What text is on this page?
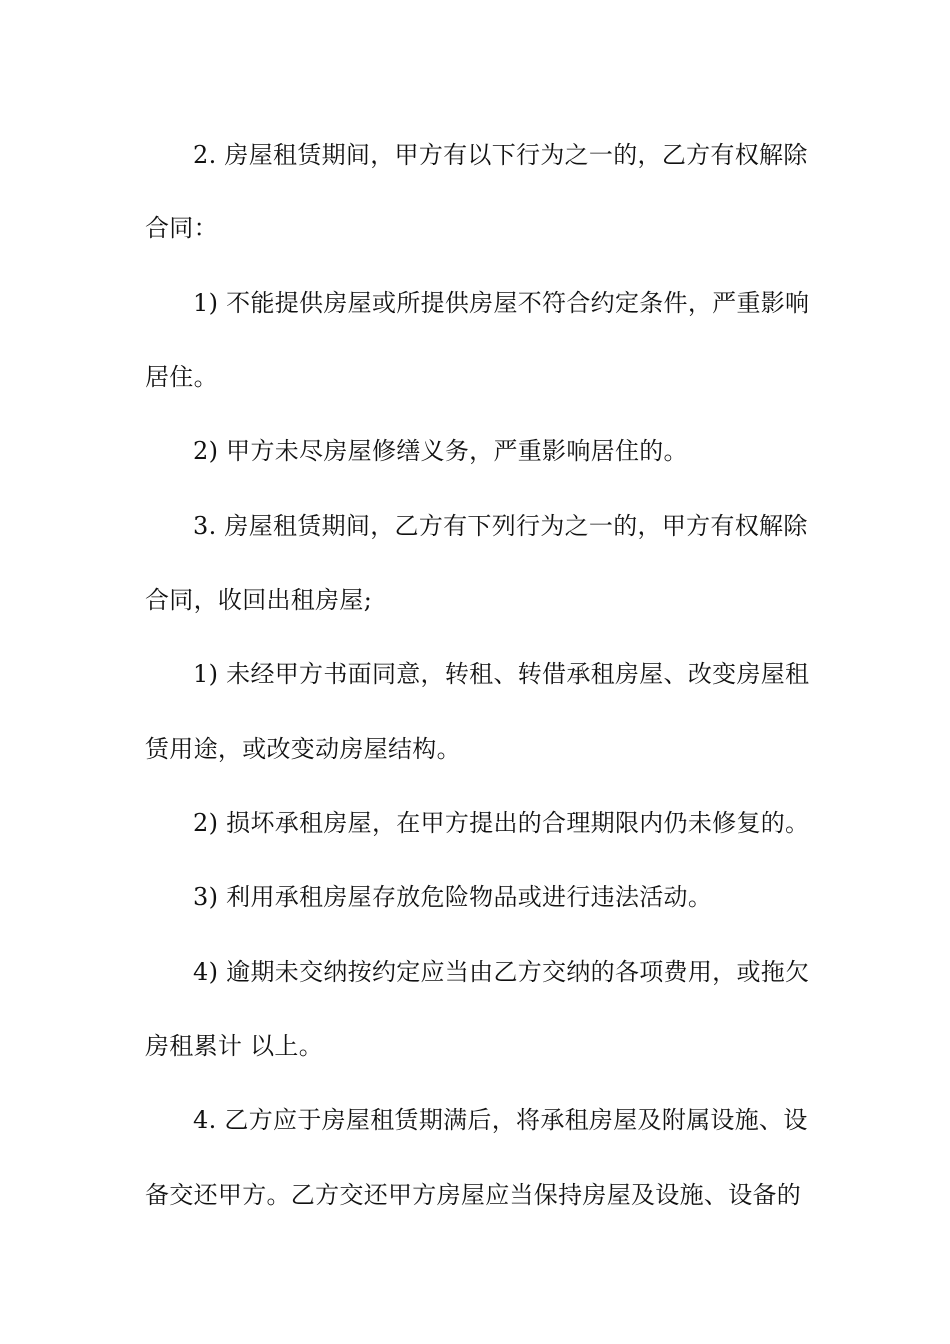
2. 房屋租赁期间，甲方有以下行为之一的，乙方有权解除
合同：
1) 不能提供房屋或所提供房屋不符合约定条件，严重影响
居住。
2) 甲方未尽房屋修缮义务，严重影响居住的。
3. 房屋租赁期间，乙方有下列行为之一的，甲方有权解除
合同，收回出租房屋;
1) 未经甲方书面同意，转租、转借承租房屋、改变房屋租
赁用途，或改变动房屋结构。
2) 损坏承租房屋，在甲方提出的合理期限内仍未修复的。
3) 利用承租房屋存放危险物品或进行违法活动。
4) 逾期未交纳按约定应当由乙方交纳的各项费用，或拖欠
房租累计 以上。
4. 乙方应于房屋租赁期满后，将承租房屋及附属设施、设
备交还甲方。乙方交还甲方房屋应当保持房屋及设施、设备的
